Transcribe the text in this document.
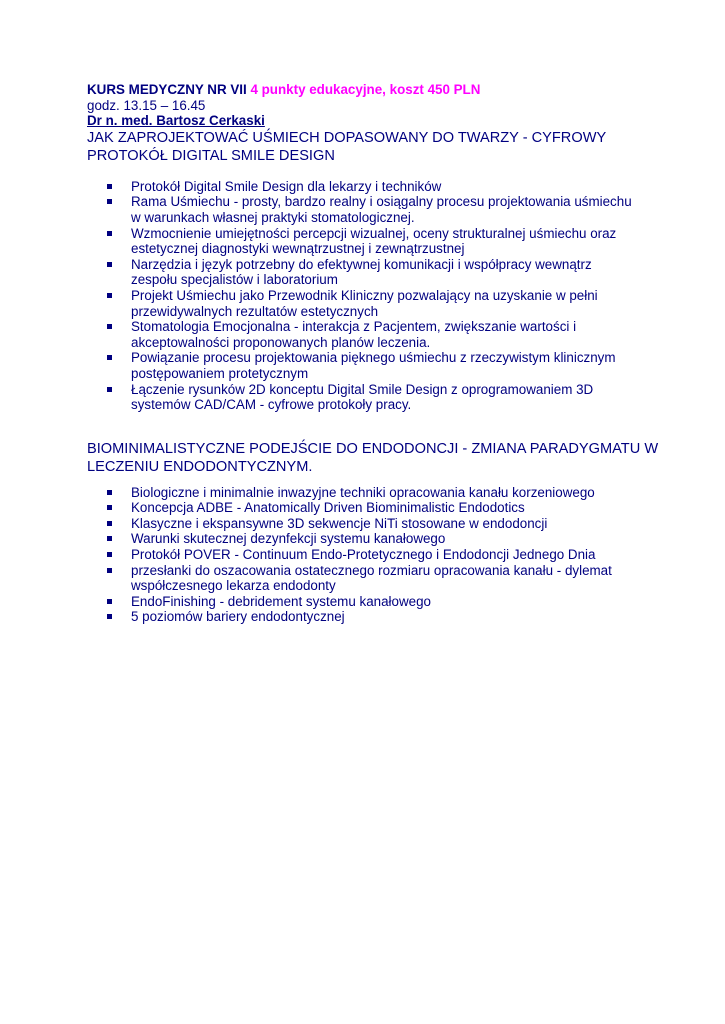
KURS MEDYCZNY NR VII 4 punkty edukacyjne, koszt 450 PLN
godz. 13.15 – 16.45
Dr n. med. Bartosz Cerkaski
JAK ZAPROJEKTOWAĆ UŚMIECH DOPASOWANY DO TWARZY - CYFROWY
PROTOKÓŁ DIGITAL SMILE DESIGN
Protokół Digital Smile Design dla lekarzy i techników
Rama Uśmiechu - prosty, bardzo realny i osiągalny procesu projektowania uśmiechu
w warunkach własnej praktyki stomatologicznej.
Wzmocnienie umiejętności percepcji wizualnej, oceny strukturalnej uśmiechu oraz
estetycznej diagnostyki wewnątrzustnej i zewnątrzustnej
Narzędzia i język potrzebny do efektywnej komunikacji i współpracy wewnątrz
zespołu specjalistów i laboratorium
Projekt Uśmiechu jako Przewodnik Kliniczny pozwalający na uzyskanie w pełni
przewidywalnych rezultatów estetycznych
Stomatologia Emocjonalna - interakcja z Pacjentem, zwiększanie wartości i
akceptowalności proponowanych planów leczenia.
Powiązanie procesu projektowania pięknego uśmiechu z rzeczywistym klinicznym
postępowaniem protetycznym
Łączenie rysunków 2D konceptu Digital Smile Design z oprogramowaniem 3D
systemów CAD/CAM - cyfrowe protokoły pracy.
BIOMINIMALISTYCZNE PODEJŚCIE DO ENDODONCJI - ZMIANA PARADYGMATU W
LECZENIU ENDODONTYCZNYM.
Biologiczne i minimalnie inwazyjne techniki opracowania kanału korzeniowego
Koncepcja ADBE - Anatomically Driven Biominimalistic Endodotics
Klasyczne i ekspansywne 3D sekwencje NiTi stosowane w endodoncji
Warunki skutecznej dezynfekcji systemu kanałowego
Protokół POVER - Continuum Endo-Protetycznego i Endodoncji Jednego Dnia
przesłanki do oszacowania ostatecznego rozmiaru opracowania kanału - dylemat
współczesnego lekarza endodonty
EndoFinishing - debridement systemu kanałowego
5 poziomów bariery endodontycznej
